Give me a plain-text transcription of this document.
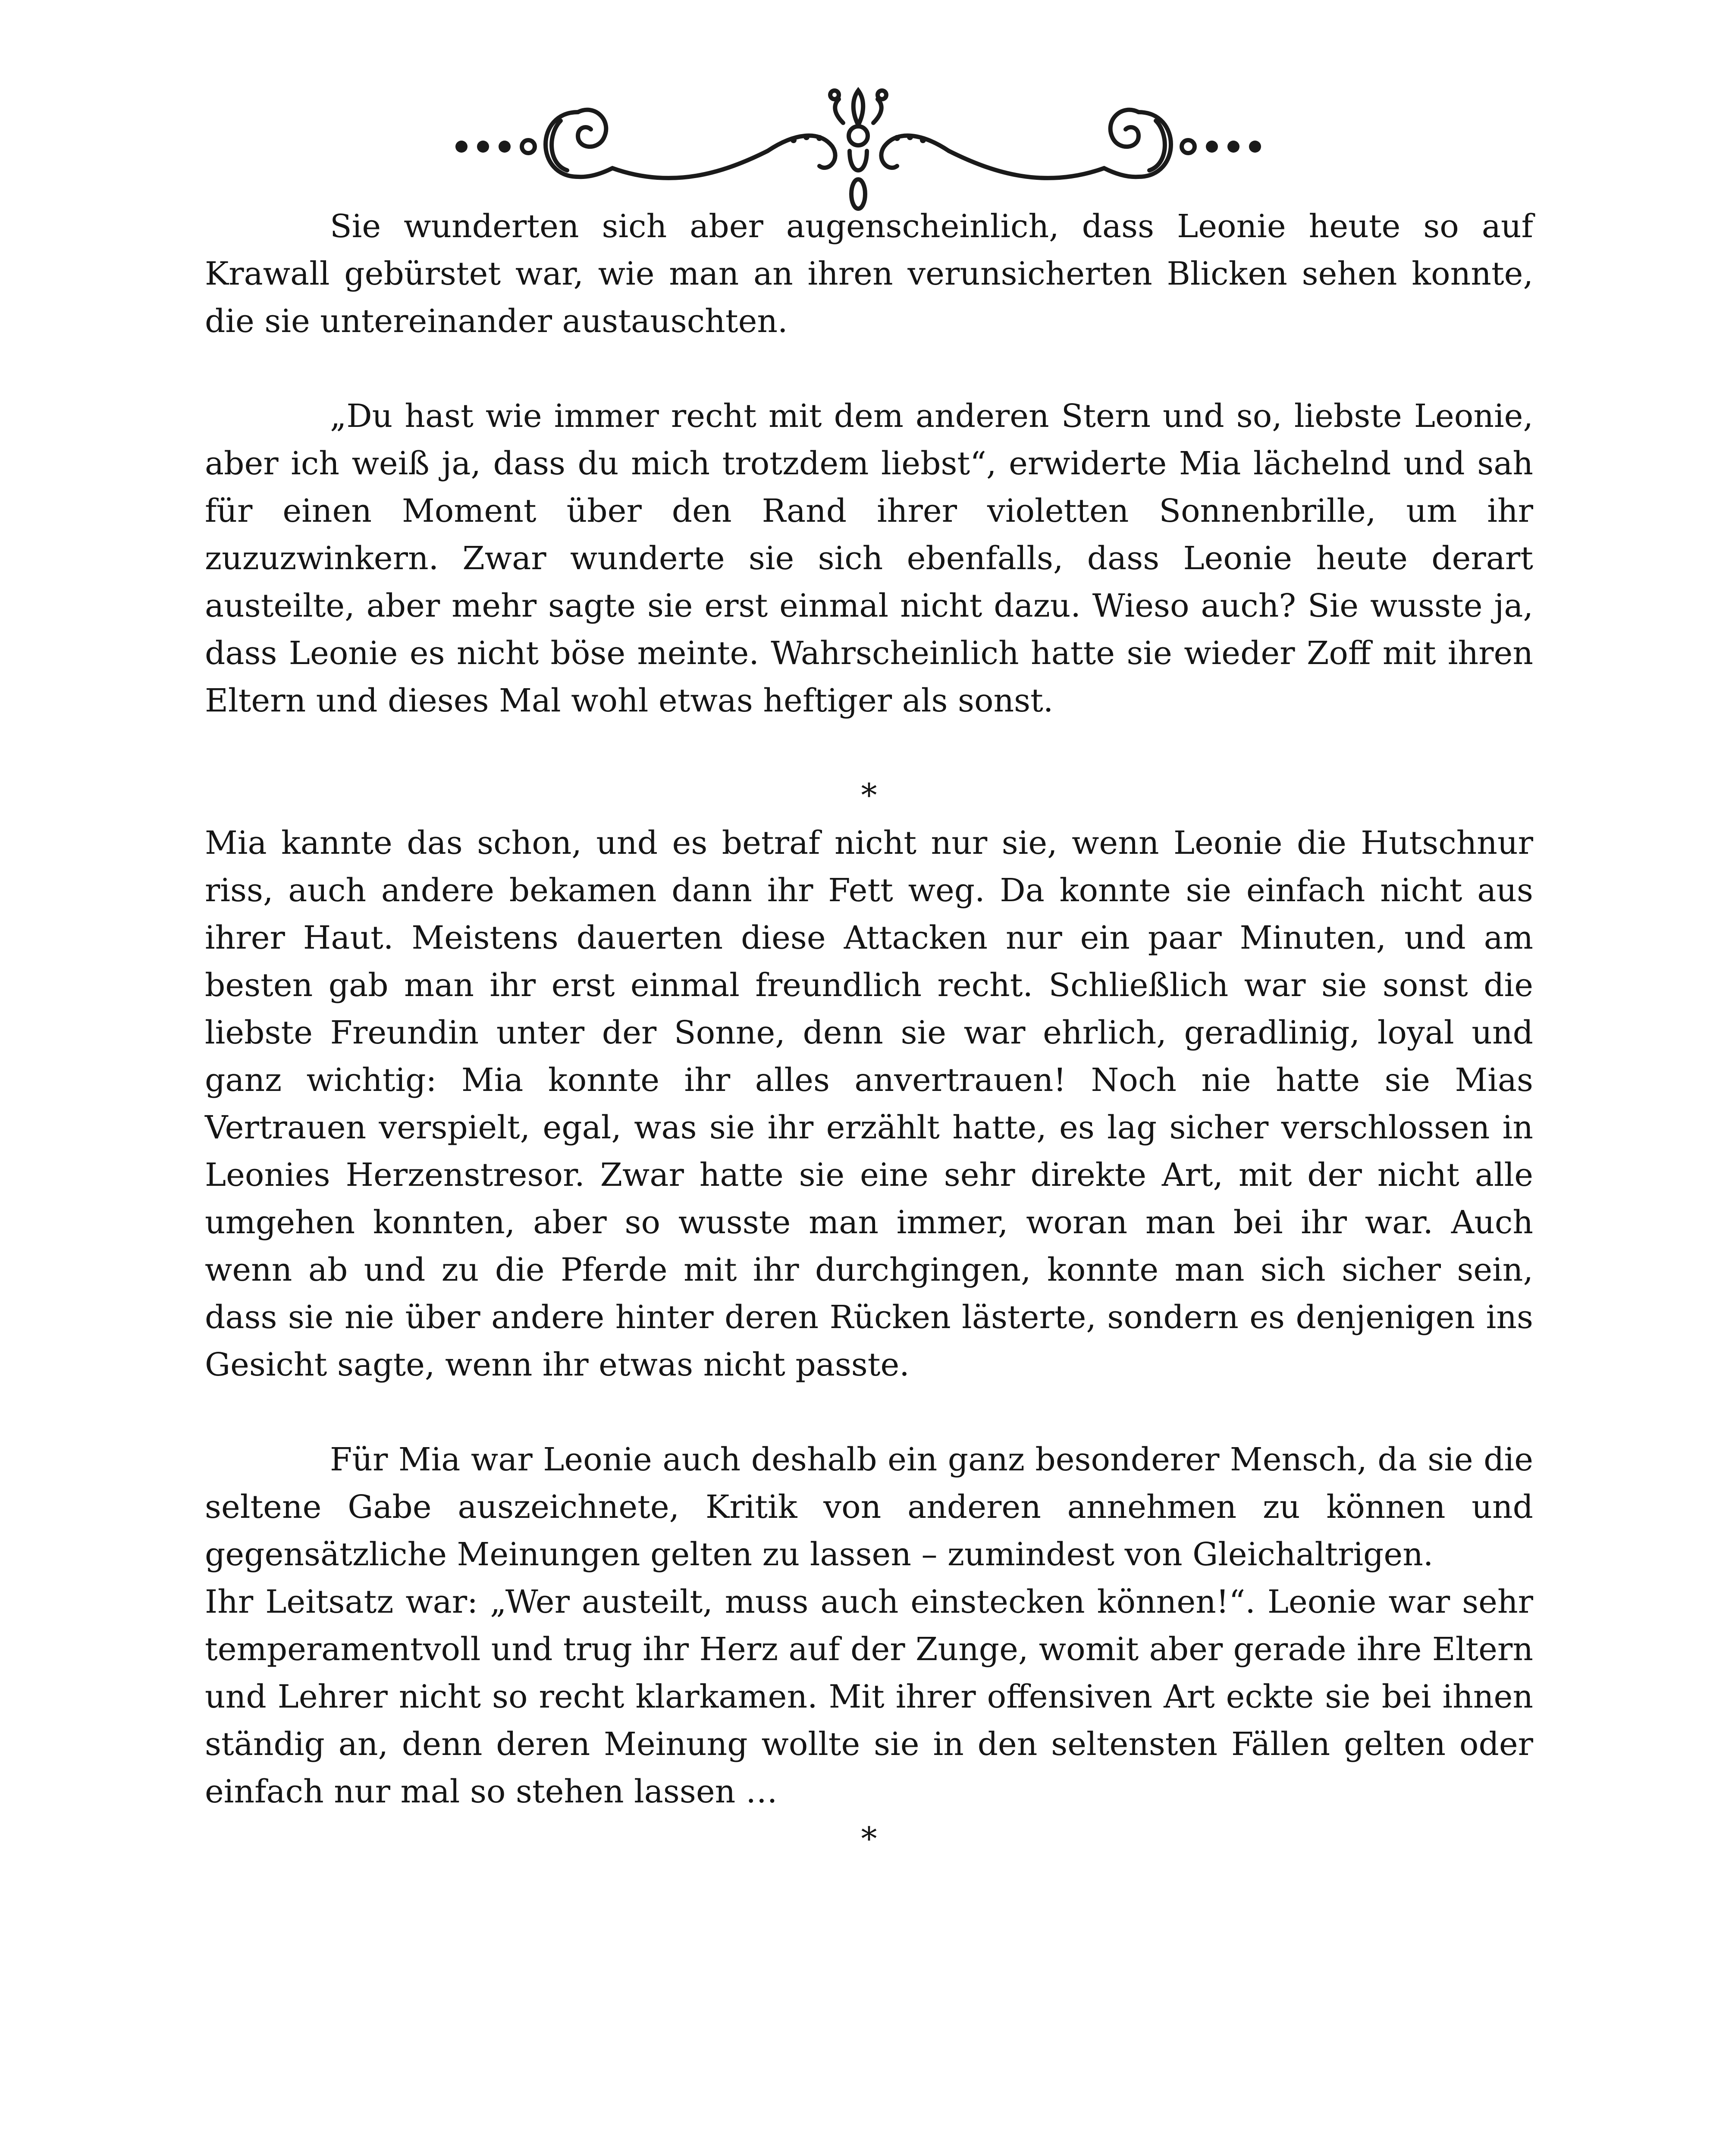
Sie wunderten sich aber augenscheinlich, dass Leonie heute so auf Krawall gebürstet war, wie man an ihren verunsicherten Blicken sehen konnte, die sie untereinander austauschten.

„Du hast wie immer recht mit dem anderen Stern und so, liebste Leonie, aber ich weiß ja, dass du mich trotzdem liebst“, erwiderte Mia lächelnd und sah für einen Moment über den Rand ihrer violetten Sonnenbrille, um ihr zuzuzwinkern. Zwar wunderte sie sich ebenfalls, dass Leonie heute derart austeilte, aber mehr sagte sie erst einmal nicht dazu. Wieso auch? Sie wusste ja, dass Leonie es nicht böse meinte. Wahrscheinlich hatte sie wieder Zoff mit ihren Eltern und dieses Mal wohl etwas heftiger als sonst.

*

Mia kannte das schon, und es betraf nicht nur sie, wenn Leonie die Hutschnur riss, auch andere bekamen dann ihr Fett weg. Da konnte sie einfach nicht aus ihrer Haut. Meistens dauerten diese Attacken nur ein paar Minuten, und am besten gab man ihr erst einmal freundlich recht. Schließlich war sie sonst die liebste Freundin unter der Sonne, denn sie war ehrlich, geradlinig, loyal und ganz wichtig: Mia konnte ihr alles anvertrauen! Noch nie hatte sie Mias Vertrauen verspielt, egal, was sie ihr erzählt hatte, es lag sicher verschlossen in Leonies Herzenstresor. Zwar hatte sie eine sehr direkte Art, mit der nicht alle umgehen konnten, aber so wusste man immer, woran man bei ihr war. Auch wenn ab und zu die Pferde mit ihr durchgingen, konnte man sich sicher sein, dass sie nie über andere hinter deren Rücken lästerte, sondern es denjenigen ins Gesicht sagte, wenn ihr etwas nicht passte.

Für Mia war Leonie auch deshalb ein ganz besonderer Mensch, da sie die seltene Gabe auszeichnete, Kritik von anderen annehmen zu können und gegensätzliche Meinungen gelten zu lassen – zumindest von Gleichaltrigen.

Ihr Leitsatz war: „Wer austeilt, muss auch einstecken können!“. Leonie war sehr temperamentvoll und trug ihr Herz auf der Zunge, womit aber gerade ihre Eltern und Lehrer nicht so recht klarkamen. Mit ihrer offensiven Art eckte sie bei ihnen ständig an, denn deren Meinung wollte sie in den seltensten Fällen gelten oder einfach nur mal so stehen lassen …

*
